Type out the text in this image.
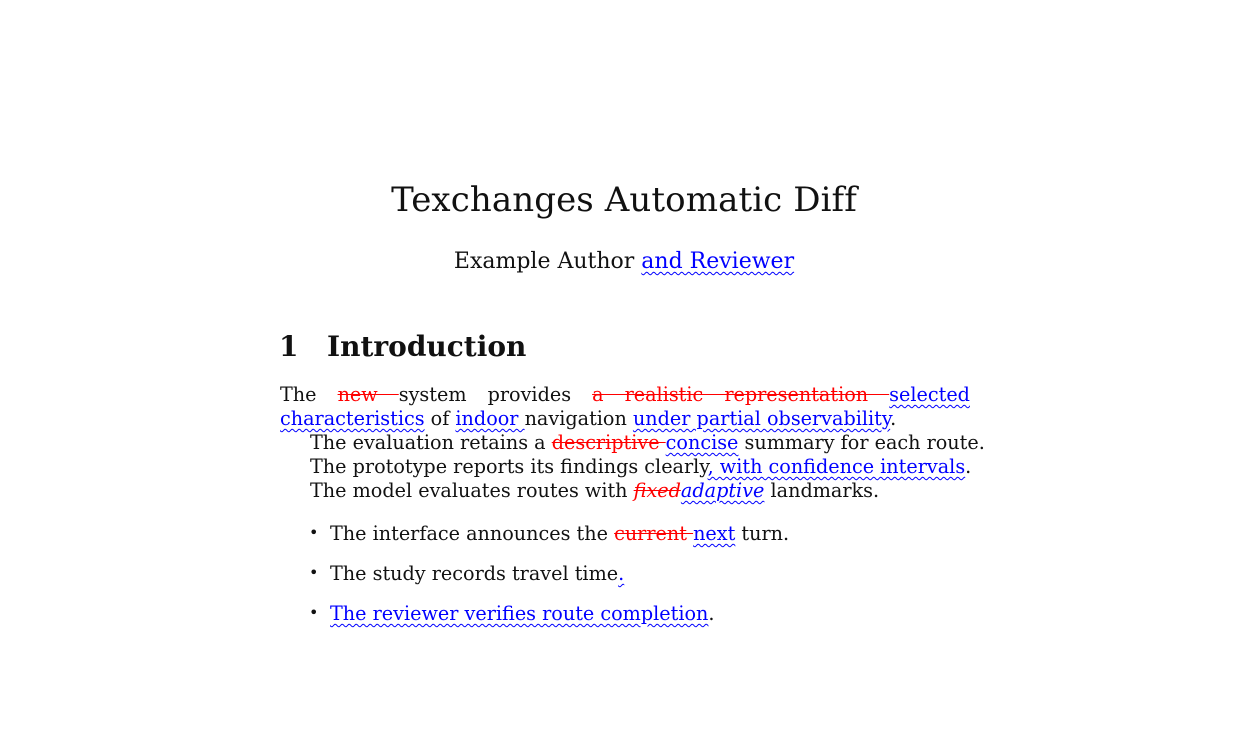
Texchanges Automatic Diff
Example Author and Reviewer
1 Introduction
The new system provides a realistic representation selected characteristics of indoor navigation under partial observability.
The evaluation retains a descriptive concise summary for each route.
The prototype reports its findings clearly, with confidence intervals.
The model evaluates routes with fixedadaptive landmarks.
• The interface announces the current next turn.
• The study records travel time.
• The reviewer verifies route completion.
